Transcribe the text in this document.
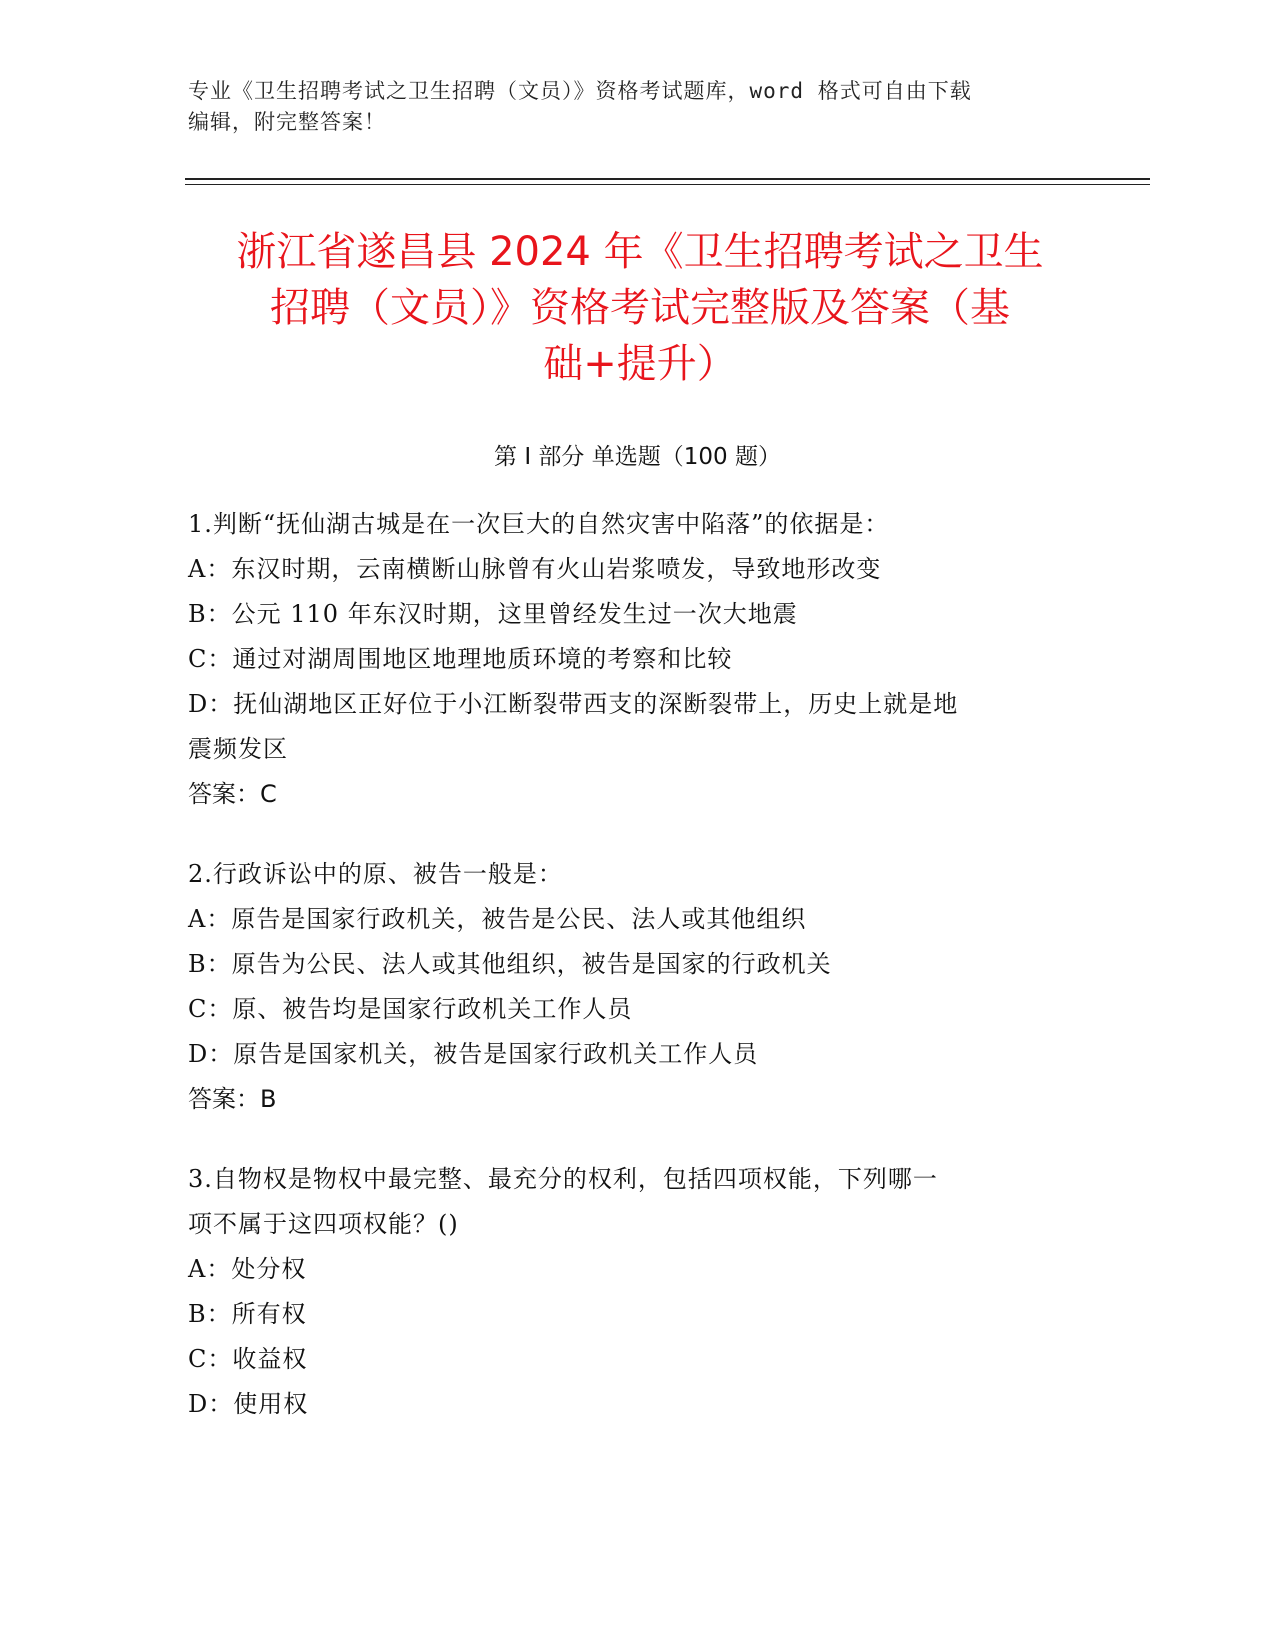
专业《卫生招聘考试之卫生招聘（文员）》资格考试题库，word 格式可自由下载
编辑，附完整答案！
浙江省遂昌县 2024 年《卫生招聘考试之卫生
招聘（文员）》资格考试完整版及答案（基
础+提升）
第 I 部分 单选题（100 题）
1.判断“抚仙湖古城是在一次巨大的自然灾害中陷落”的依据是：
A：东汉时期，云南横断山脉曾有火山岩浆喷发，导致地形改变
B：公元 110 年东汉时期，这里曾经发生过一次大地震
C：通过对湖周围地区地理地质环境的考察和比较
D：抚仙湖地区正好位于小江断裂带西支的深断裂带上，历史上就是地
震频发区
答案：C
2.行政诉讼中的原、被告一般是：
A：原告是国家行政机关，被告是公民、法人或其他组织
B：原告为公民、法人或其他组织，被告是国家的行政机关
C：原、被告均是国家行政机关工作人员
D：原告是国家机关，被告是国家行政机关工作人员
答案：B
3.自物权是物权中最完整、最充分的权利，包括四项权能，下列哪一
项不属于这四项权能？()
A：处分权
B：所有权
C：收益权
D：使用权
